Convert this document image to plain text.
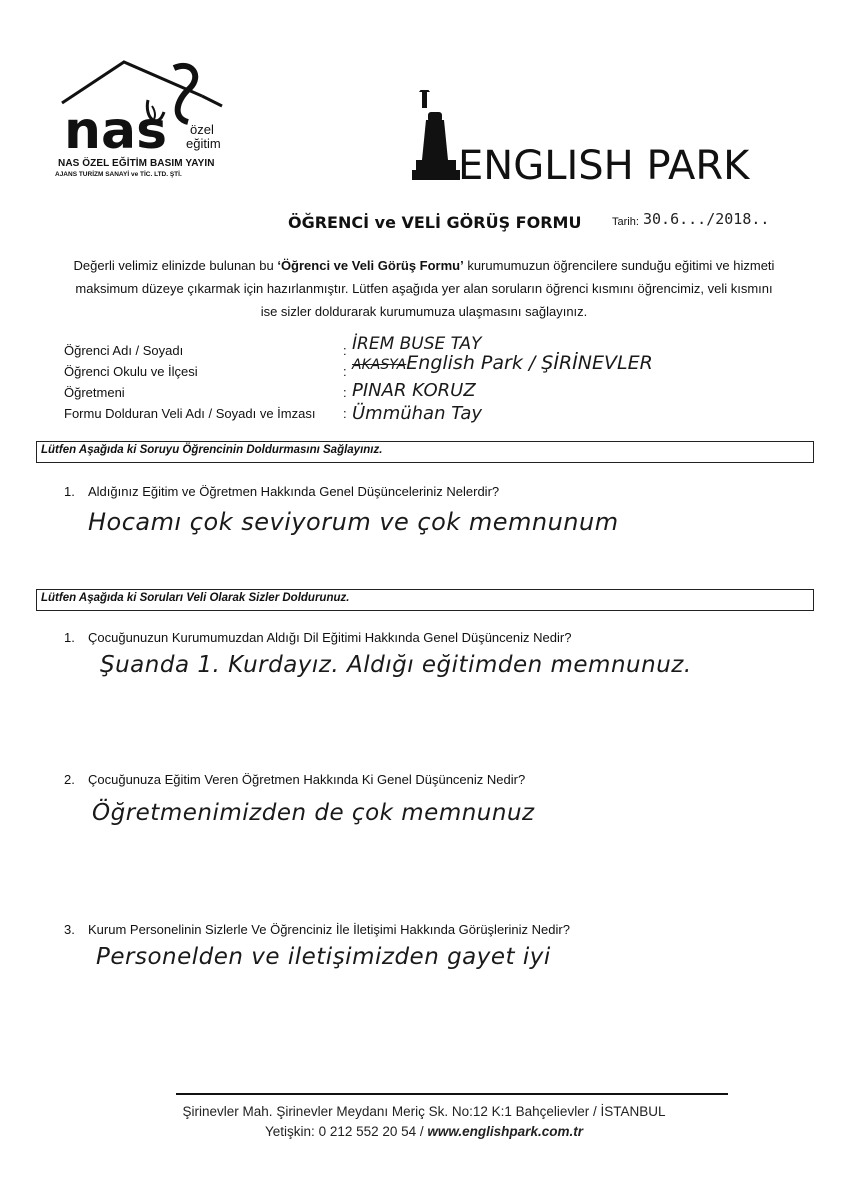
nas özel
eğitim
NAS ÖZEL EĞİTİM BASIM YAYIN
AJANS TURİZM SANAYİ ve TİC. LTD. ŞTİ.	ENGLISH PARK
ÖĞRENCİ ve VELİ GÖRÜŞ FORMU	Tarih: 30.6.../2018..
Değerli velimiz elinizde bulunan bu ‘Öğrenci ve Veli Görüş Formu’ kurumumuzun öğrencilere sunduğu eğitimi ve hizmeti
maksimum düzeye çıkarmak için hazırlanmıştır. Lütfen aşağıda yer alan soruların öğrenci kısmını öğrencimiz, veli kısmını
ise sizler doldurarak kurumumuza ulaşmasını sağlayınız.
Öğrenci Adı / Soyadı	: İREM BUSE TAY
Öğrenci Okulu ve İlçesi	: AKASYAEnglish Park / ŞİRİNEVLER
Öğretmeni	: PINAR KORUZ
Formu Dolduran Veli Adı / Soyadı ve İmzası : Ümmühan Tay
Lütfen Aşağıda ki Soruyu Öğrencinin Doldurmasını Sağlayınız.
1. Aldığınız Eğitim ve Öğretmen Hakkında Genel Düşünceleriniz Nelerdir?
Hocamı çok seviyorum ve çok memnunum
Lütfen Aşağıda ki Soruları Veli Olarak Sizler Doldurunuz.
1. Çocuğunuzun Kurumumuzdan Aldığı Dil Eğitimi Hakkında Genel Düşünceniz Nedir?
Şuanda 1. Kurdayız. Aldığı eğitimden memnunuz.
2. Çocuğunuza Eğitim Veren Öğretmen Hakkında Ki Genel Düşünceniz Nedir?
Öğretmenimizden de çok memnunuz
3. Kurum Personelinin Sizlerle Ve Öğrenciniz İle İletişimi Hakkında Görüşleriniz Nedir?
Personelden ve iletişimizden gayet iyi
Şirinevler Mah. Şirinevler Meydanı Meriç Sk. No:12 K:1 Bahçelievler / İSTANBUL
Yetişkin: 0 212 552 20 54 / www.englishpark.com.tr
